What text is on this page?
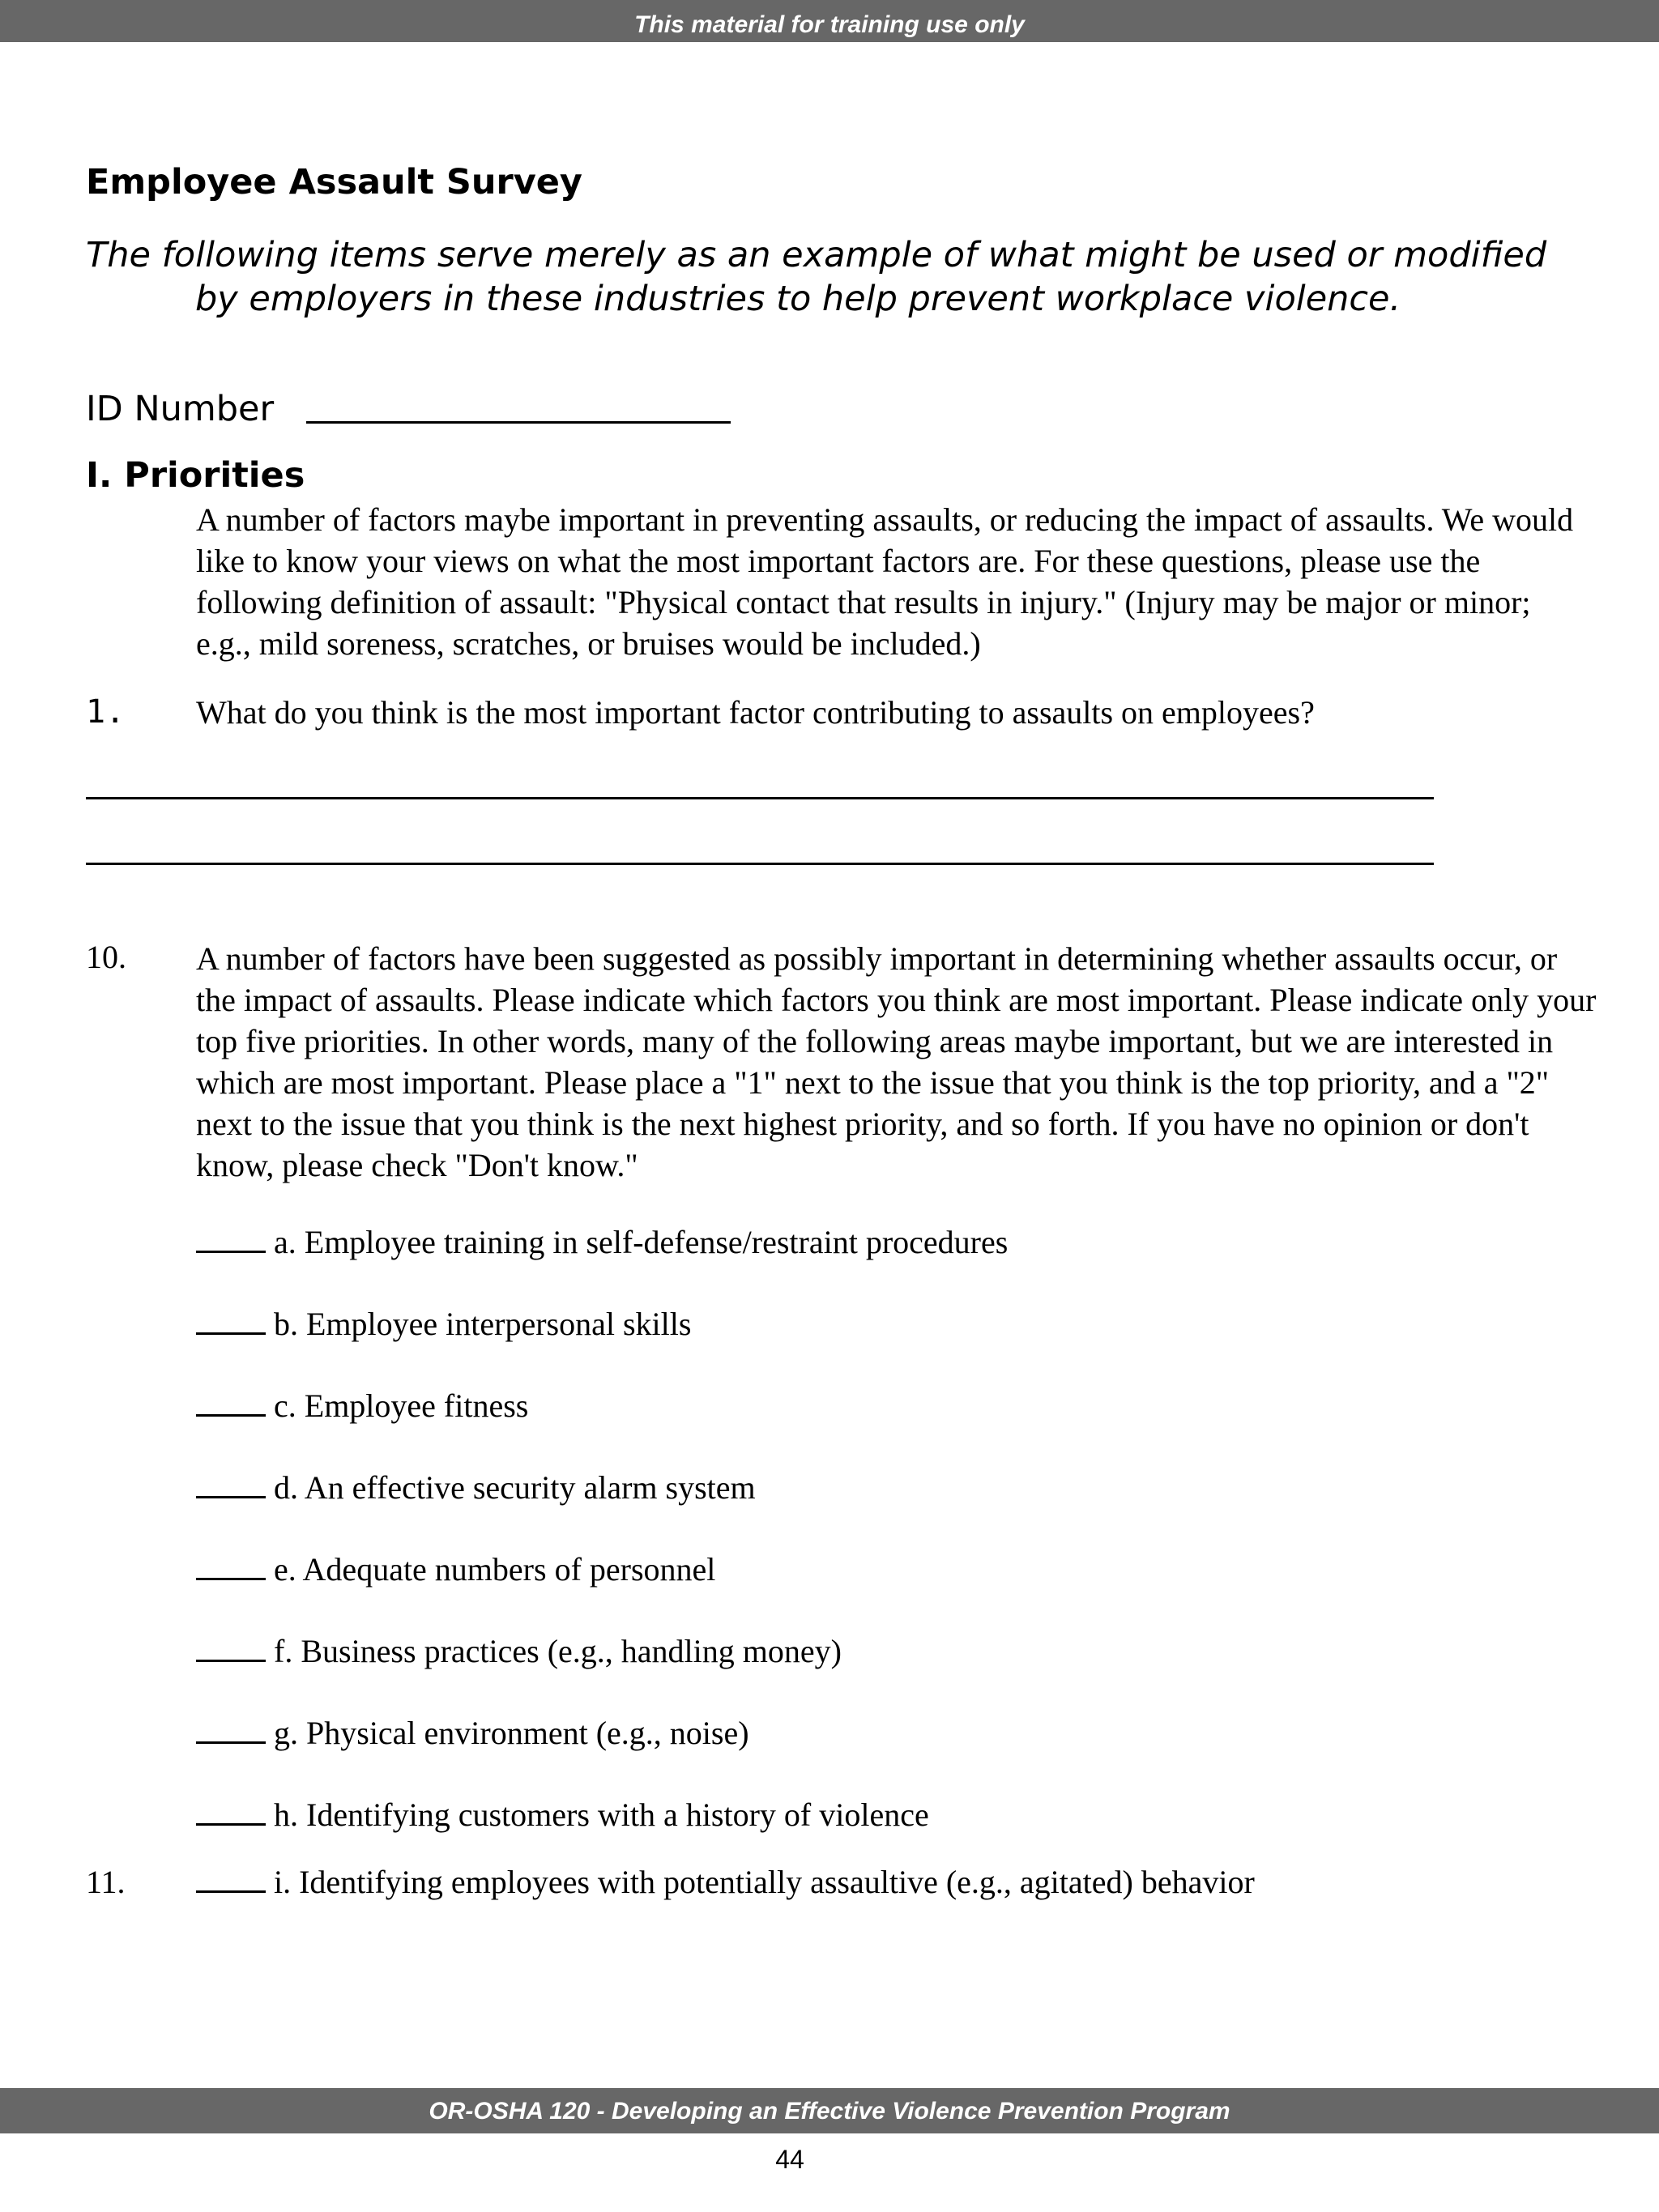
This material for training use only
Employee Assault Survey
The following items serve merely as an example of what might be used or modified by employers in these industries to help prevent workplace violence.
ID Number
I. Priorities
A number of factors maybe important in preventing assaults, or reducing the impact of assaults. We would like to know your views on what the most important factors are. For these questions, please use the following definition of assault: "Physical contact that results in injury." (Injury may be major or minor; e.g., mild soreness, scratches, or bruises would be included.)
1. What do you think is the most important factor contributing to assaults on employees?
10. A number of factors have been suggested as possibly important in determining whether assaults occur, or the impact of assaults. Please indicate which factors you think are most important. Please indicate only your top five priorities. In other words, many of the following areas maybe important, but we are interested in which are most important. Please place a "1" next to the issue that you think is the top priority, and a "2" next to the issue that you think is the next highest priority, and so forth. If you have no opinion or don't know, please check "Don't know."
a. Employee training in self-defense/restraint procedures
b. Employee interpersonal skills
c. Employee fitness
d. An effective security alarm system
e. Adequate numbers of personnel
f. Business practices (e.g., handling money)
g. Physical environment (e.g., noise)
h. Identifying customers with a history of violence
11.	i. Identifying employees with potentially assaultive (e.g., agitated) behavior
OR-OSHA 120 - Developing an Effective Violence Prevention Program
44
